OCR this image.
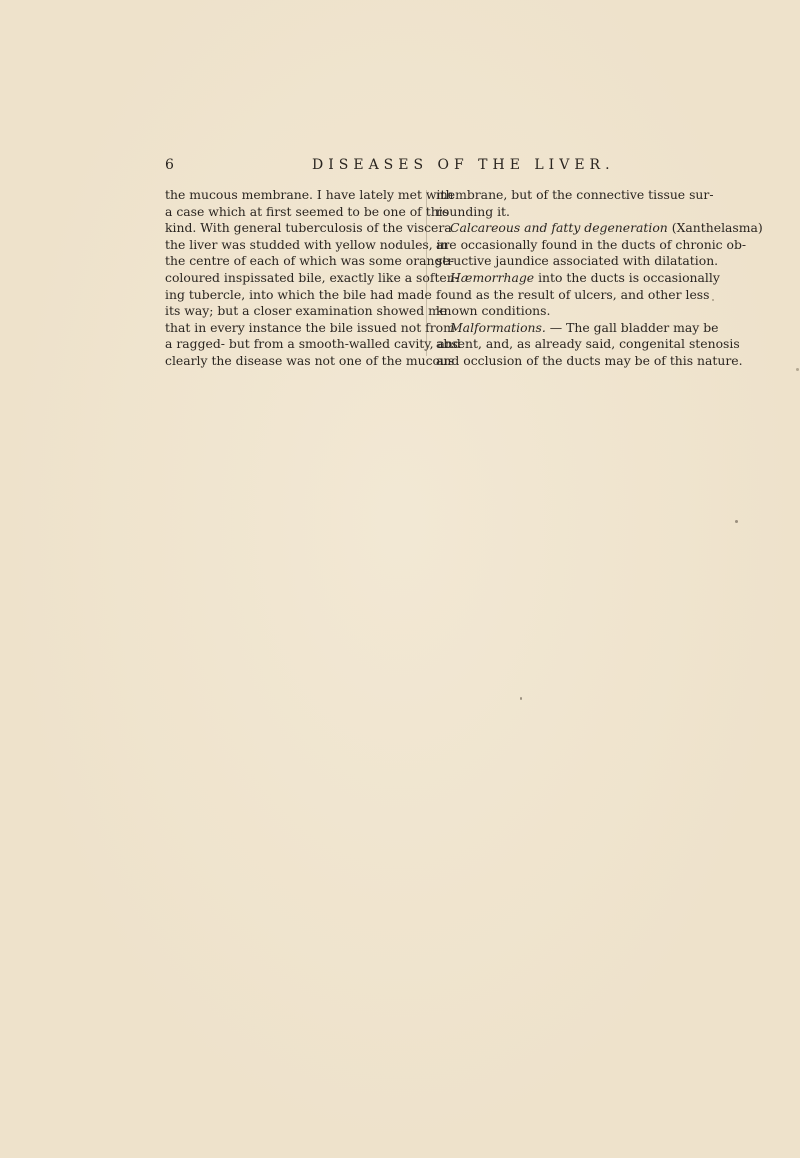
6	DISEASES OF THE LIVER.
the mucous membrane. I have lately met with
a case which at first seemed to be one of this
kind. With general tuberculosis of the viscera
the liver was studded with yellow nodules, in
the centre of each of which was some orange-
coloured inspissated bile, exactly like a soften-
ing tubercle, into which the bile had made
its way; but a closer examination showed me
that in every instance the bile issued not from
a ragged- but from a smooth-walled cavity, and
clearly the disease was not one of the mucous
membrane, but of the connective tissue sur-
rounding it.
Calcareous and fatty degeneration (Xanthelasma)
are occasionally found in the ducts of chronic ob-
structive jaundice associated with dilatation.
Hæmorrhage into the ducts is occasionally
found as the result of ulcers, and other less
known conditions.
Malformations. — The gall bladder may be
absent, and, as already said, congenital stenosis
and occlusion of the ducts may be of this nature.
